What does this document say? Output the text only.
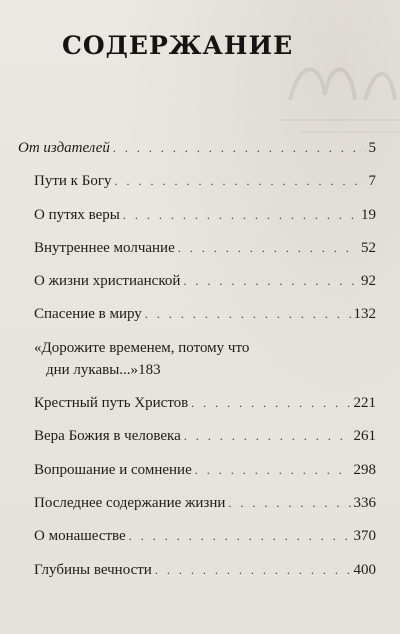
СОДЕРЖАНИЕ
От издателей . . .	5
Пути к Богу . . .	7
О путях веры . . .	19
Внутреннее молчание . . .	52
О жизни христианской . . .	92
Спасение в миру . . .	132
«Дорожите временем, потому что
дни лукавы...» 183
Крестный путь Христов . . .	221
Вера Божия в человека . . .	261
Вопрошание и сомнение . . .	298
Последнее содержание жизни . . .	336
О монашестве . . .	370
Глубины вечности . . .	400
